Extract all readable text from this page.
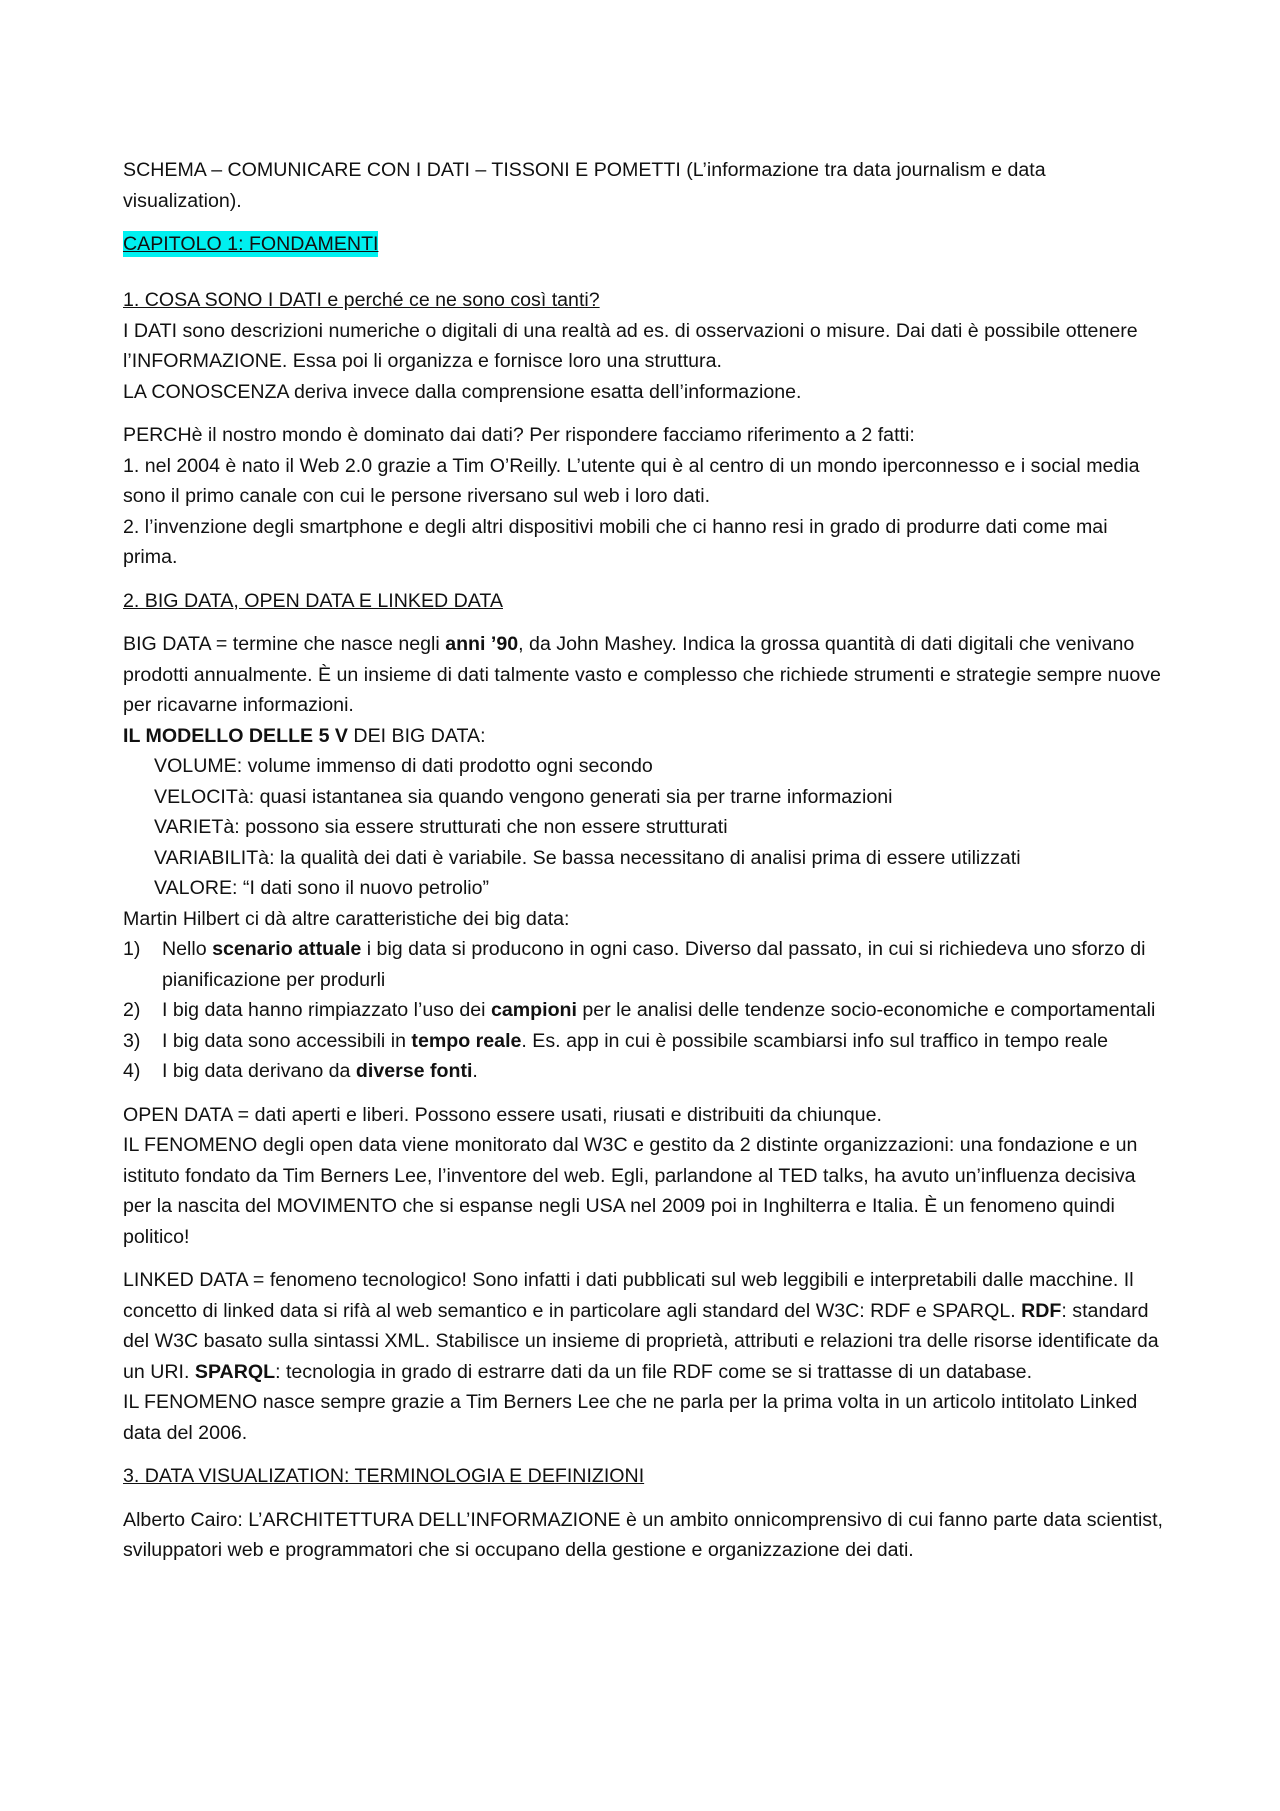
SCHEMA – COMUNICARE CON I DATI – TISSONI E POMETTI (L’informazione tra data journalism e data visualization).

CAPITOLO 1: FONDAMENTI
1. COSA SONO I DATI e perché ce ne sono così tanti?
I DATI sono descrizioni numeriche o digitali di una realtà ad es. di osservazioni o misure. Dai dati è possibile ottenere l’INFORMAZIONE. Essa poi li organizza e fornisce loro una struttura.

LA CONOSCENZA deriva invece dalla comprensione esatta dell’informazione.

PERCHè il nostro mondo è dominato dai dati? Per rispondere facciamo riferimento a 2 fatti:
1. nel 2004 è nato il Web 2.0 grazie a Tim O’Reilly. L’utente qui è al centro di un mondo iperconnesso e i social media sono il primo canale con cui le persone riversano sul web i loro dati.

2. l’invenzione degli smartphone e degli altri dispositivi mobili che ci hanno resi in grado di produrre dati come mai prima.

2. BIG DATA, OPEN DATA E LINKED DATA

BIG DATA = termine che nasce negli anni ’90, da John Mashey. Indica la grossa quantità di dati digitali che venivano prodotti annualmente. È un insieme di dati talmente vasto e complesso che richiede strumenti e strategie sempre nuove per ricavarne informazioni.
IL MODELLO DELLE 5 V DEI BIG DATA:
VOLUME: volume immenso di dati prodotto ogni secondo
VELOCITà: quasi istantanea sia quando vengono generati sia per trarne informazioni
VARIETà: possono sia essere strutturati che non essere strutturati
VARIABILITà: la qualità dei dati è variabile. Se bassa necessitano di analisi prima di essere utilizzati
VALORE: “I dati sono il nuovo petrolio”
Martin Hilbert ci dà altre caratteristiche dei big data:
1) Nello scenario attuale i big data si producono in ogni caso. Diverso dal passato, in cui si richiedeva uno sforzo di pianificazione per produrli
2) I big data hanno rimpiazzato l’uso dei campioni per le analisi delle tendenze socio-economiche e comportamentali
3) I big data sono accessibili in tempo reale. Es. app in cui è possibile scambiarsi info sul traffico in tempo reale
4) I big data derivano da diverse fonti.
OPEN DATA = dati aperti e liberi. Possono essere usati, riusati e distribuiti da chiunque.

IL FENOMENO degli open data viene monitorato dal W3C e gestito da 2 distinte organizzazioni: una fondazione e un istituto fondato da Tim Berners Lee, l’inventore del web. Egli, parlandone al TED talks, ha avuto un’influenza decisiva per la nascita del MOVIMENTO che si espanse negli USA nel 2009 poi in Inghilterra e Italia. È un fenomeno quindi politico!

LINKED DATA = fenomeno tecnologico! Sono infatti i dati pubblicati sul web leggibili e interpretabili dalle macchine. Il concetto di linked data si rifà al web semantico e in particolare agli standard del W3C: RDF e SPARQL. RDF: standard del W3C basato sulla sintassi XML. Stabilisce un insieme di proprietà, attributi e relazioni tra delle risorse identificate da un URI. SPARQL: tecnologia in grado di estrarre dati da un file RDF come se si trattasse di un database.

IL FENOMENO nasce sempre grazie a Tim Berners Lee che ne parla per la prima volta in un articolo intitolato Linked data del 2006.

3. DATA VISUALIZATION: TERMINOLOGIA E DEFINIZIONI

Alberto Cairo: L’ARCHITETTURA DELL’INFORMAZIONE è un ambito onnicomprensivo di cui fanno parte data scientist, sviluppatori web e programmatori che si occupano della gestione e organizzazione dei dati.
